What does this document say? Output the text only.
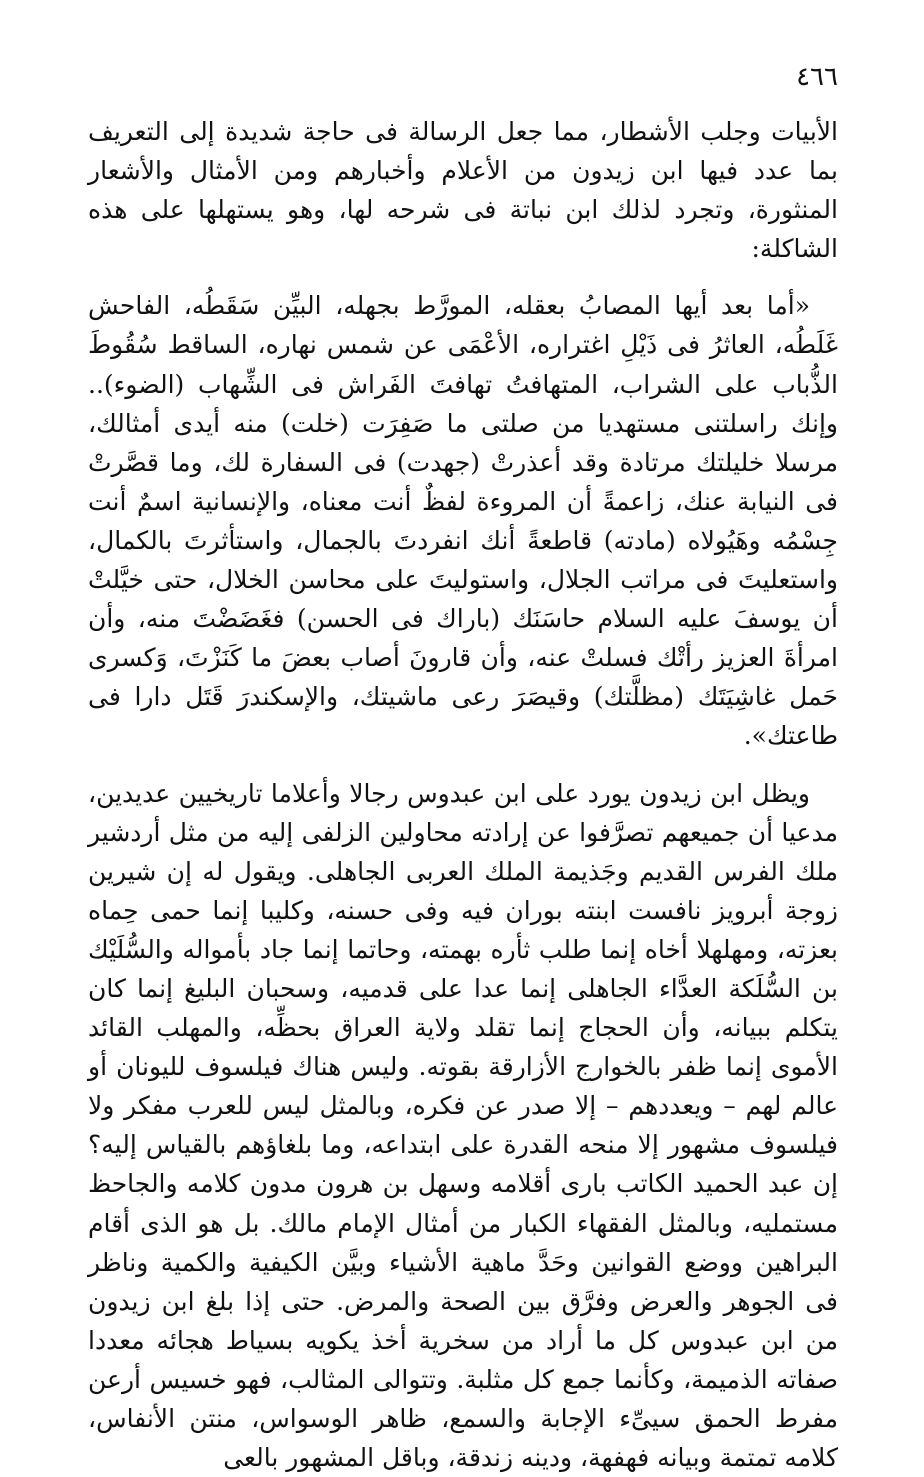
٤٦٦

الأبيات وجلب الأشطار، مما جعل الرسالة فى حاجة شديدة إلى التعريف بما عدد فيها ابن زيدون من الأعلام وأخبارهم ومن الأمثال والأشعار المنثورة، وتجرد لذلك ابن نباتة فى شرحه لها، وهو يستهلها على هذه الشاكلة:

«أما بعد أيها المصابُ بعقله، المورَّط بجهله، البيِّن سَقَطُه، الفاحش غَلَطُه، العاثرُ فى ذَيْلِ اغتراره، الأعْمَى عن شمس نهاره، الساقط سُقُوطَ الذُّباب على الشراب، المتهافتُ تهافتَ الفَراش فى الشِّهاب (الضوء).. وإنك راسلتنى مستهديا من صلتى ما صَفِرَت (خلت) منه أيدى أمثالك، مرسلا خليلتك مرتادة وقد أعذرتْ (جهدت) فى السفارة لك، وما قصَّرتْ فى النيابة عنك، زاعمةً أن المروءة لفظٌ أنت معناه، والإنسانية اسمٌ أنت جِسْمُه وهَيُولاه (مادته) قاطعةً أنك انفردتَ بالجمال، واستأثرتَ بالكمال، واستعليتَ فى مراتب الجلال، واستوليتَ على محاسن الخلال، حتى خيَّلتْ أن يوسفَ عليه السلام حاسَنَك (باراك فى الحسن) فغَضَضْتَ منه، وأن امرأةَ العزيز رأتْك فسلتْ عنه، وأن قارونَ أصاب بعضَ ما كَنَزْتَ، وَكسرى حَمل غاشِيَتَك (مظلَّتك) وقيصَرَ رعى ماشيتك، والإسكندرَ قَتَل دارا فى طاعتك».

ويظل ابن زيدون يورد على ابن عبدوس رجالا وأعلاما تاريخيين عديدين، مدعيا أن جميعهم تصرَّفوا عن إرادته محاولين الزلفى إليه من مثل أردشير ملك الفرس القديم وجَذيمة الملك العربى الجاهلى. ويقول له إن شيرين زوجة أبرويز نافست ابنته بوران فيه وفى حسنه، وكليبا إنما حمى حِماه بعزته، ومهلهلا أخاه إنما طلب ثأره بهمته، وحاتما إنما جاد بأمواله والسُّلَيْك بن السُّلَكة العدَّاء الجاهلى إنما عدا على قدميه، وسحبان البليغ إنما كان يتكلم ببيانه، وأن الحجاج إنما تقلد ولاية العراق بحظِّه، والمهلب القائد الأموى إنما ظفر بالخوارج الأزارقة بقوته. وليس هناك فيلسوف لليونان أو عالم لهم – ويعددهم – إلا صدر عن فكره، وبالمثل ليس للعرب مفكر ولا فيلسوف مشهور إلا منحه القدرة على ابتداعه، وما بلغاؤهم بالقياس إليه؟ إن عبد الحميد الكاتب بارى أقلامه وسهل بن هرون مدون كلامه والجاحظ مستمليه، وبالمثل الفقهاء الكبار من أمثال الإمام مالك. بل هو الذى أقام البراهين ووضع القوانين وحَدَّ ماهية الأشياء وبيَّن الكيفية والكمية وناظر فى الجوهر والعرض وفرَّق بين الصحة والمرض. حتى إذا بلغ ابن زيدون من ابن عبدوس كل ما أراد من سخرية أخذ يكويه بسياط هجائه معددا صفاته الذميمة، وكأنما جمع كل مثلبة. وتتوالى المثالب، فهو خسيس أرعن مفرط الحمق سيىِّء الإجابة والسمع، ظاهر الوسواس، منتن الأنفاس، كلامه تمتمة وبيانه فهفهة، ودينه زندقة، وباقل المشهور بالعى
